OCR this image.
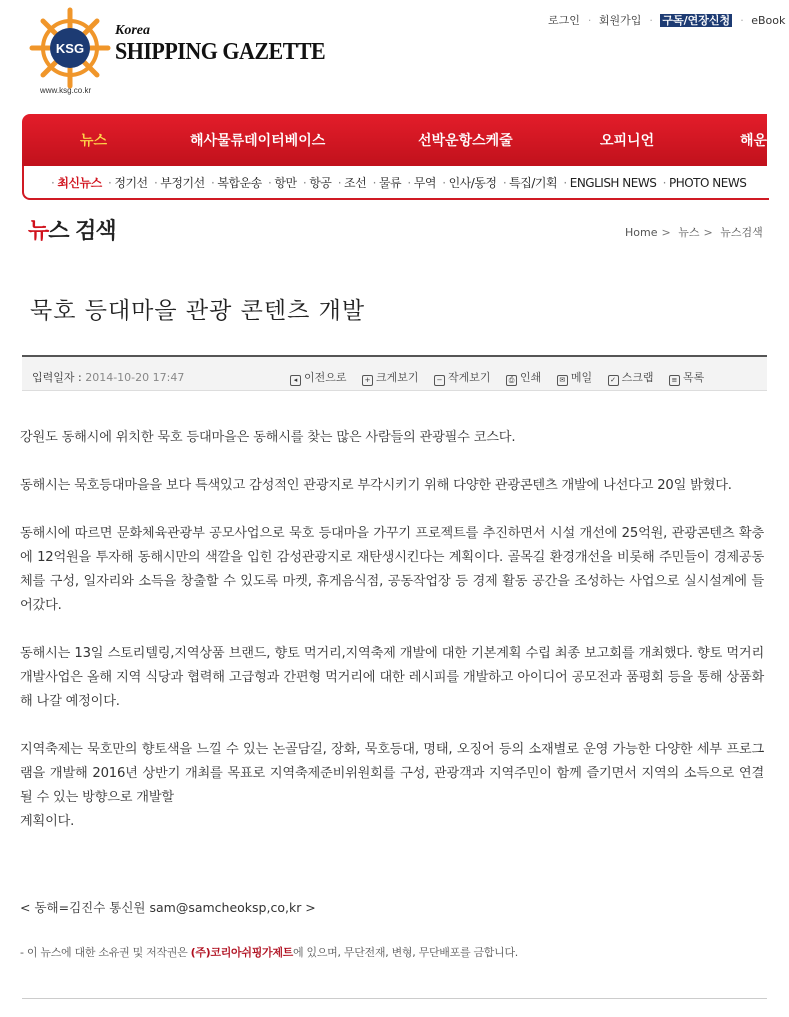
KSG
www.ksg.co.kr
Korea
SHIPPING GAZETTE
로그인 · 회원가입 · 구독/연장신청 · eBook
뉴스	해사물류데이터베이스	선박운항스케줄	오피니언	해운
· 최신뉴스 · 정기선 · 부정기선 · 복합운송 · 항만 · 항공 · 조선 · 물류 · 무역 · 인사/동정 · 특집/기획 · ENGLISH NEWS · PHOTO NEWS
뉴스 검색	Home > 뉴스 > 뉴스검색
묵호 등대마을 관광 콘텐츠 개발
입력일자 : 2014-10-20 17:47	◂ 이전으로	+ 크게보기	− 작게보기	⎙ 인쇄	✉ 메일	✓ 스크랩	≡ 목록

강원도 동해시에 위치한 묵호 등대마을은 동해시를 찾는 많은 사람들의 관광필수 코스다.

동해시는 묵호등대마을을 보다 특색있고 감성적인 관광지로 부각시키기 위해 다양한 관광콘텐츠 개발에 나선다고 20일 밝혔다.

동해시에 따르면 문화체육관광부 공모사업으로 묵호 등대마을 가꾸기 프로젝트를 추진하면서 시설 개선에 25억원, 관광콘텐츠 확충에 12억원을 투자해 동해시만의 색깔을 입힌 감성관광지로 재탄생시킨다는 계획이다. 골목길 환경개선을 비롯해 주민들이 경제공동체를 구성, 일자리와 소득을 창출할 수 있도록 마켓, 휴게음식점, 공동작업장 등 경제 활동 공간을 조성하는 사업으로 실시설계에 들어갔다.

동해시는 13일 스토리텔링,지역상품 브랜드, 향토 먹거리,지역축제 개발에 대한 기본계획 수립 최종 보고회를 개최했다. 향토 먹거리 개발사업은 올해 지역 식당과 협력해 고급형과 간편형 먹거리에 대한 레시피를 개발하고 아이디어 공모전과 품평회 등을 통해 상품화해 나갈 예정이다.

지역축제는 묵호만의 향토색을 느낄 수 있는 논골담길, 장화, 묵호등대, 명태, 오징어 등의 소재별로 운영 가능한 다양한 세부 프로그램을 개발해 2016년 상반기 개최를 목표로 지역축제준비위원회를 구성, 관광객과 지역주민이 함께 즐기면서 지역의 소득으로 연결될 수 있는 방향으로 개발할
계획이다.

< 동해=김진수 통신원 sam@samcheoksp,co,kr >
- 이 뉴스에 대한 소유권 및 저작권은 (주)코리아쉬핑가제트에 있으며, 무단전재, 변형, 무단배포를 금합니다.
